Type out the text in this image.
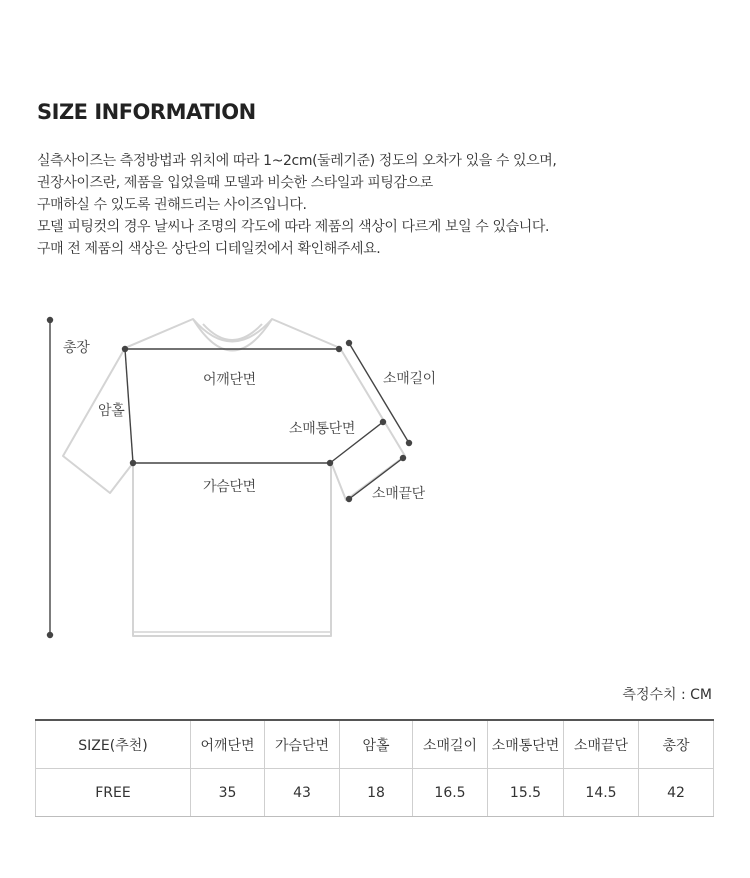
SIZE INFORMATION
실측사이즈는 측정방법과 위치에 따라 1~2cm(둘레기준) 정도의 오차가 있을 수 있으며,
권장사이즈란, 제품을 입었을때 모델과 비슷한 스타일과 피팅감으로
구매하실 수 있도록 권해드리는 사이즈입니다.
모델 피팅컷의 경우 날씨나 조명의 각도에 따라 제품의 색상이 다르게 보일 수 있습니다.
구매 전 제품의 색상은 상단의 디테일컷에서 확인해주세요.
총장
암홀
어깨단면
가슴단면
소매길이
소매통단면
소매끝단
측정수치 : CM
SIZE(추천)	어깨단면	가슴단면	암홀	소매길이	소매통단면	소매끝단	총장
FREE	35	43	18	16.5	15.5	14.5	42
